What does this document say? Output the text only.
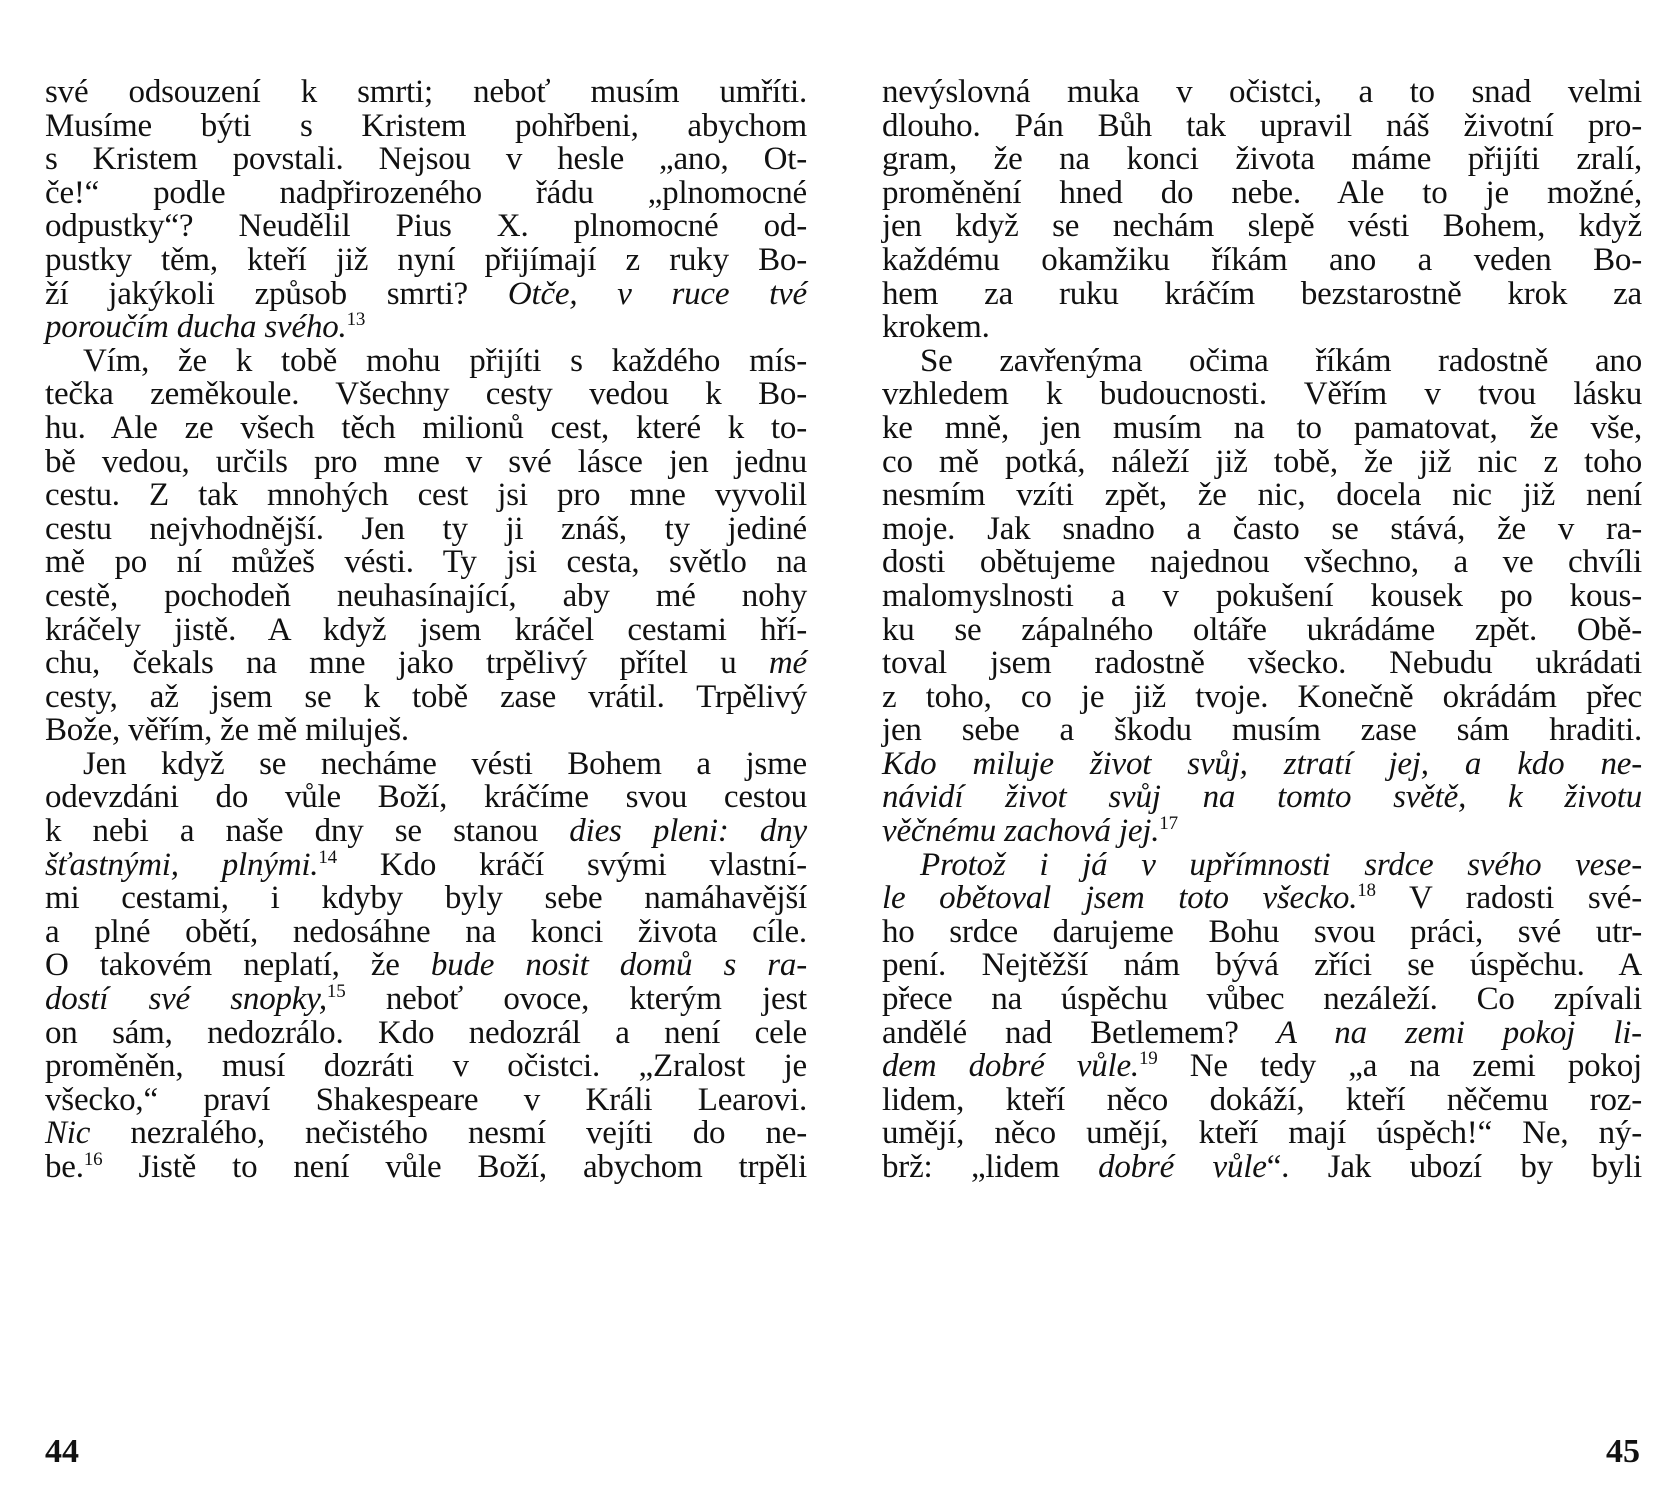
své odsouzení k smrti; neboť musím umříti.
Musíme býti s Kristem pohřbeni, abychom
s Kristem povstali. Nejsou v hesle „ano, Ot-
če!“ podle nadpřirozeného řádu „plnomocné
odpustky“? Neudělil Pius X. plnomocné od-
pustky těm, kteří již nyní přijímají z ruky Bo-
ží jakýkoli způsob smrti? Otče, v ruce tvé
poroučím ducha svého.$^{13}$
Vím, že k tobě mohu přijíti s každého mís-
tečka zeměkoule. Všechny cesty vedou k Bo-
hu. Ale ze všech těch milionů cest, které k to-
bě vedou, určils pro mne v své lásce jen jednu
cestu. Z tak mnohých cest jsi pro mne vyvolil
cestu nejvhodnější. Jen ty ji znáš, ty jediné
mě po ní můžeš vésti. Ty jsi cesta, světlo na
cestě, pochodeň neuhasínající, aby mé nohy
kráčely jistě. A když jsem kráčel cestami hří-
chu, čekals na mne jako trpělivý přítel u mé
cesty, až jsem se k tobě zase vrátil. Trpělivý
Bože, věřím, že mě miluješ.
Jen když se necháme vésti Bohem a jsme
odevzdáni do vůle Boží, kráčíme svou cestou
k nebi a naše dny se stanou dies pleni: dny
šťastnými, plnými.$^{14}$ Kdo kráčí svými vlastní-
mi cestami, i kdyby byly sebe namáhavější
a plné obětí, nedosáhne na konci života cíle.
O takovém neplatí, že bude nosit domů s ra-
dostí své snopky,$^{15}$ neboť ovoce, kterým jest
on sám, nedozrálo. Kdo nedozrál a není cele
proměněn, musí dozráti v očistci. „Zralost je
všecko,“ praví Shakespeare v Králi Learovi.
Nic nezralého, nečistého nesmí vejíti do ne-
be.$^{16}$ Jistě to není vůle Boží, abychom trpěli
nevýslovná muka v očistci, a to snad velmi
dlouho. Pán Bůh tak upravil náš životní pro-
gram, že na konci života máme přijíti zralí,
proměnění hned do nebe. Ale to je možné,
jen když se nechám slepě vésti Bohem, když
každému okamžiku říkám ano a veden Bo-
hem za ruku kráčím bezstarostně krok za
krokem.
Se zavřenýma očima říkám radostně ano
vzhledem k budoucnosti. Věřím v tvou lásku
ke mně, jen musím na to pamatovat, že vše,
co mě potká, náleží již tobě, že již nic z toho
nesmím vzíti zpět, že nic, docela nic již není
moje. Jak snadno a často se stává, že v ra-
dosti obětujeme najednou všechno, a ve chvíli
malomyslnosti a v pokušení kousek po kous-
ku se zápalného oltáře ukrádáme zpět. Obě-
toval jsem radostně všecko. Nebudu ukrádati
z toho, co je již tvoje. Konečně okrádám přec
jen sebe a škodu musím zase sám hraditi.
Kdo miluje život svůj, ztratí jej, a kdo ne-
návidí život svůj na tomto světě, k životu
věčnému zachová jej.$^{17}$
Protož i já v upřímnosti srdce svého vese-
le obětoval jsem toto všecko.$^{18}$ V radosti své-
ho srdce darujeme Bohu svou práci, své utr-
pení. Nejtěžší nám bývá zříci se úspěchu. A
přece na úspěchu vůbec nezáleží. Co zpívali
andělé nad Betlemem? A na zemi pokoj li-
dem dobré vůle.$^{19}$ Ne tedy „a na zemi pokoj
lidem, kteří něco dokáží, kteří něčemu roz-
umějí, něco umějí, kteří mají úspěch!“ Ne, ný-
brž: „lidem dobré vůle“. Jak ubozí by byli
44	45
